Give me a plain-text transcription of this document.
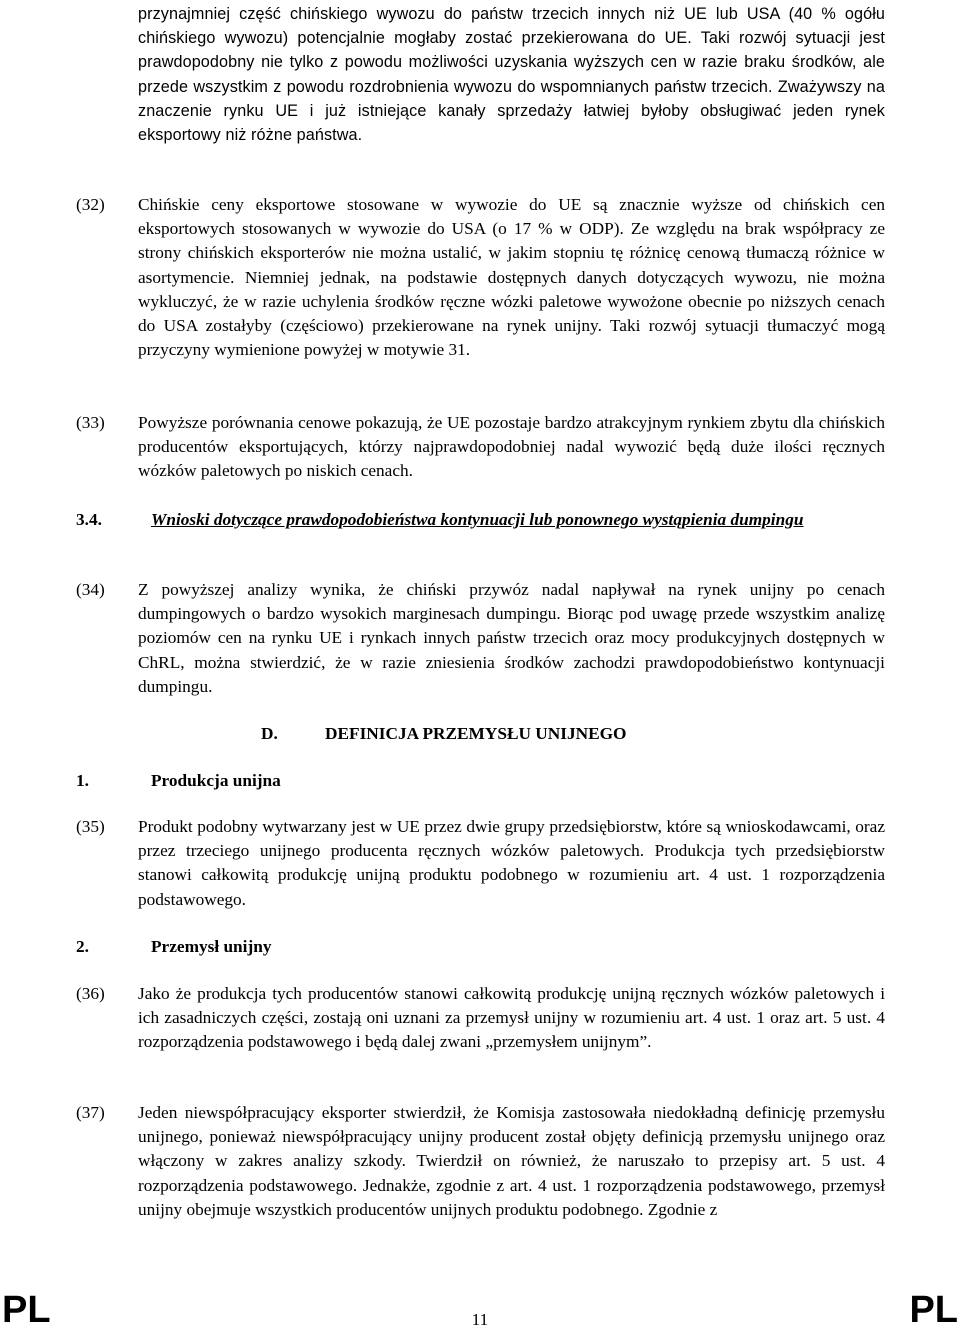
przynajmniej część chińskiego wywozu do państw trzecich innych niż UE lub USA (40 % ogółu chińskiego wywozu) potencjalnie mogłaby zostać przekierowana do UE. Taki rozwój sytuacji jest prawdopodobny nie tylko z powodu możliwości uzyskania wyższych cen w razie braku środków, ale przede wszystkim z powodu rozdrobnienia wywozu do wspomnianych państw trzecich. Zważywszy na znaczenie rynku UE i już istniejące kanały sprzedaży łatwiej byłoby obsługiwać jeden rynek eksportowy niż różne państwa.

(32) Chińskie ceny eksportowe stosowane w wywozie do UE są znacznie wyższe od chińskich cen eksportowych stosowanych w wywozie do USA (o 17 % w ODP). Ze względu na brak współpracy ze strony chińskich eksporterów nie można ustalić, w jakim stopniu tę różnicę cenową tłumaczą różnice w asortymencie. Niemniej jednak, na podstawie dostępnych danych dotyczących wywozu, nie można wykluczyć, że w razie uchylenia środków ręczne wózki paletowe wywożone obecnie po niższych cenach do USA zostałyby (częściowo) przekierowane na rynek unijny. Taki rozwój sytuacji tłumaczyć mogą przyczyny wymienione powyżej w motywie 31.

(33) Powyższe porównania cenowe pokazują, że UE pozostaje bardzo atrakcyjnym rynkiem zbytu dla chińskich producentów eksportujących, którzy najprawdopodobniej nadal wywozić będą duże ilości ręcznych wózków paletowych po niskich cenach.

3.4.	Wnioski dotyczące prawdopodobieństwa kontynuacji lub ponownego wystąpienia dumpingu
(34) Z powyższej analizy wynika, że chiński przywóz nadal napływał na rynek unijny po cenach dumpingowych o bardzo wysokich marginesach dumpingu. Biorąc pod uwagę przede wszystkim analizę poziomów cen na rynku UE i rynkach innych państw trzecich oraz mocy produkcyjnych dostępnych w ChRL, można stwierdzić, że w razie zniesienia środków zachodzi prawdopodobieństwo kontynuacji dumpingu.

D.	DEFINICJA PRZEMYSŁU UNIJNEGO
1.	Produkcja unijna
(35) Produkt podobny wytwarzany jest w UE przez dwie grupy przedsiębiorstw, które są wnioskodawcami, oraz przez trzeciego unijnego producenta ręcznych wózków paletowych. Produkcja tych przedsiębiorstw stanowi całkowitą produkcję unijną produktu podobnego w rozumieniu art. 4 ust. 1 rozporządzenia podstawowego.

2.	Przemysł unijny
(36) Jako że produkcja tych producentów stanowi całkowitą produkcję unijną ręcznych wózków paletowych i ich zasadniczych części, zostają oni uznani za przemysł unijny w rozumieniu art. 4 ust. 1 oraz art. 5 ust. 4 rozporządzenia podstawowego i będą dalej zwani „przemysłem unijnym”.

(37) Jeden niewspółpracujący eksporter stwierdził, że Komisja zastosowała niedokładną definicję przemysłu unijnego, ponieważ niewspółpracujący unijny producent został objęty definicją przemysłu unijnego oraz włączony w zakres analizy szkody. Twierdził on również, że naruszało to przepisy art. 5 ust. 4 rozporządzenia podstawowego. Jednakże, zgodnie z art. 4 ust. 1 rozporządzenia podstawowego, przemysł unijny obejmuje wszystkich producentów unijnych produktu podobnego. Zgodnie z

PL	11	PL
